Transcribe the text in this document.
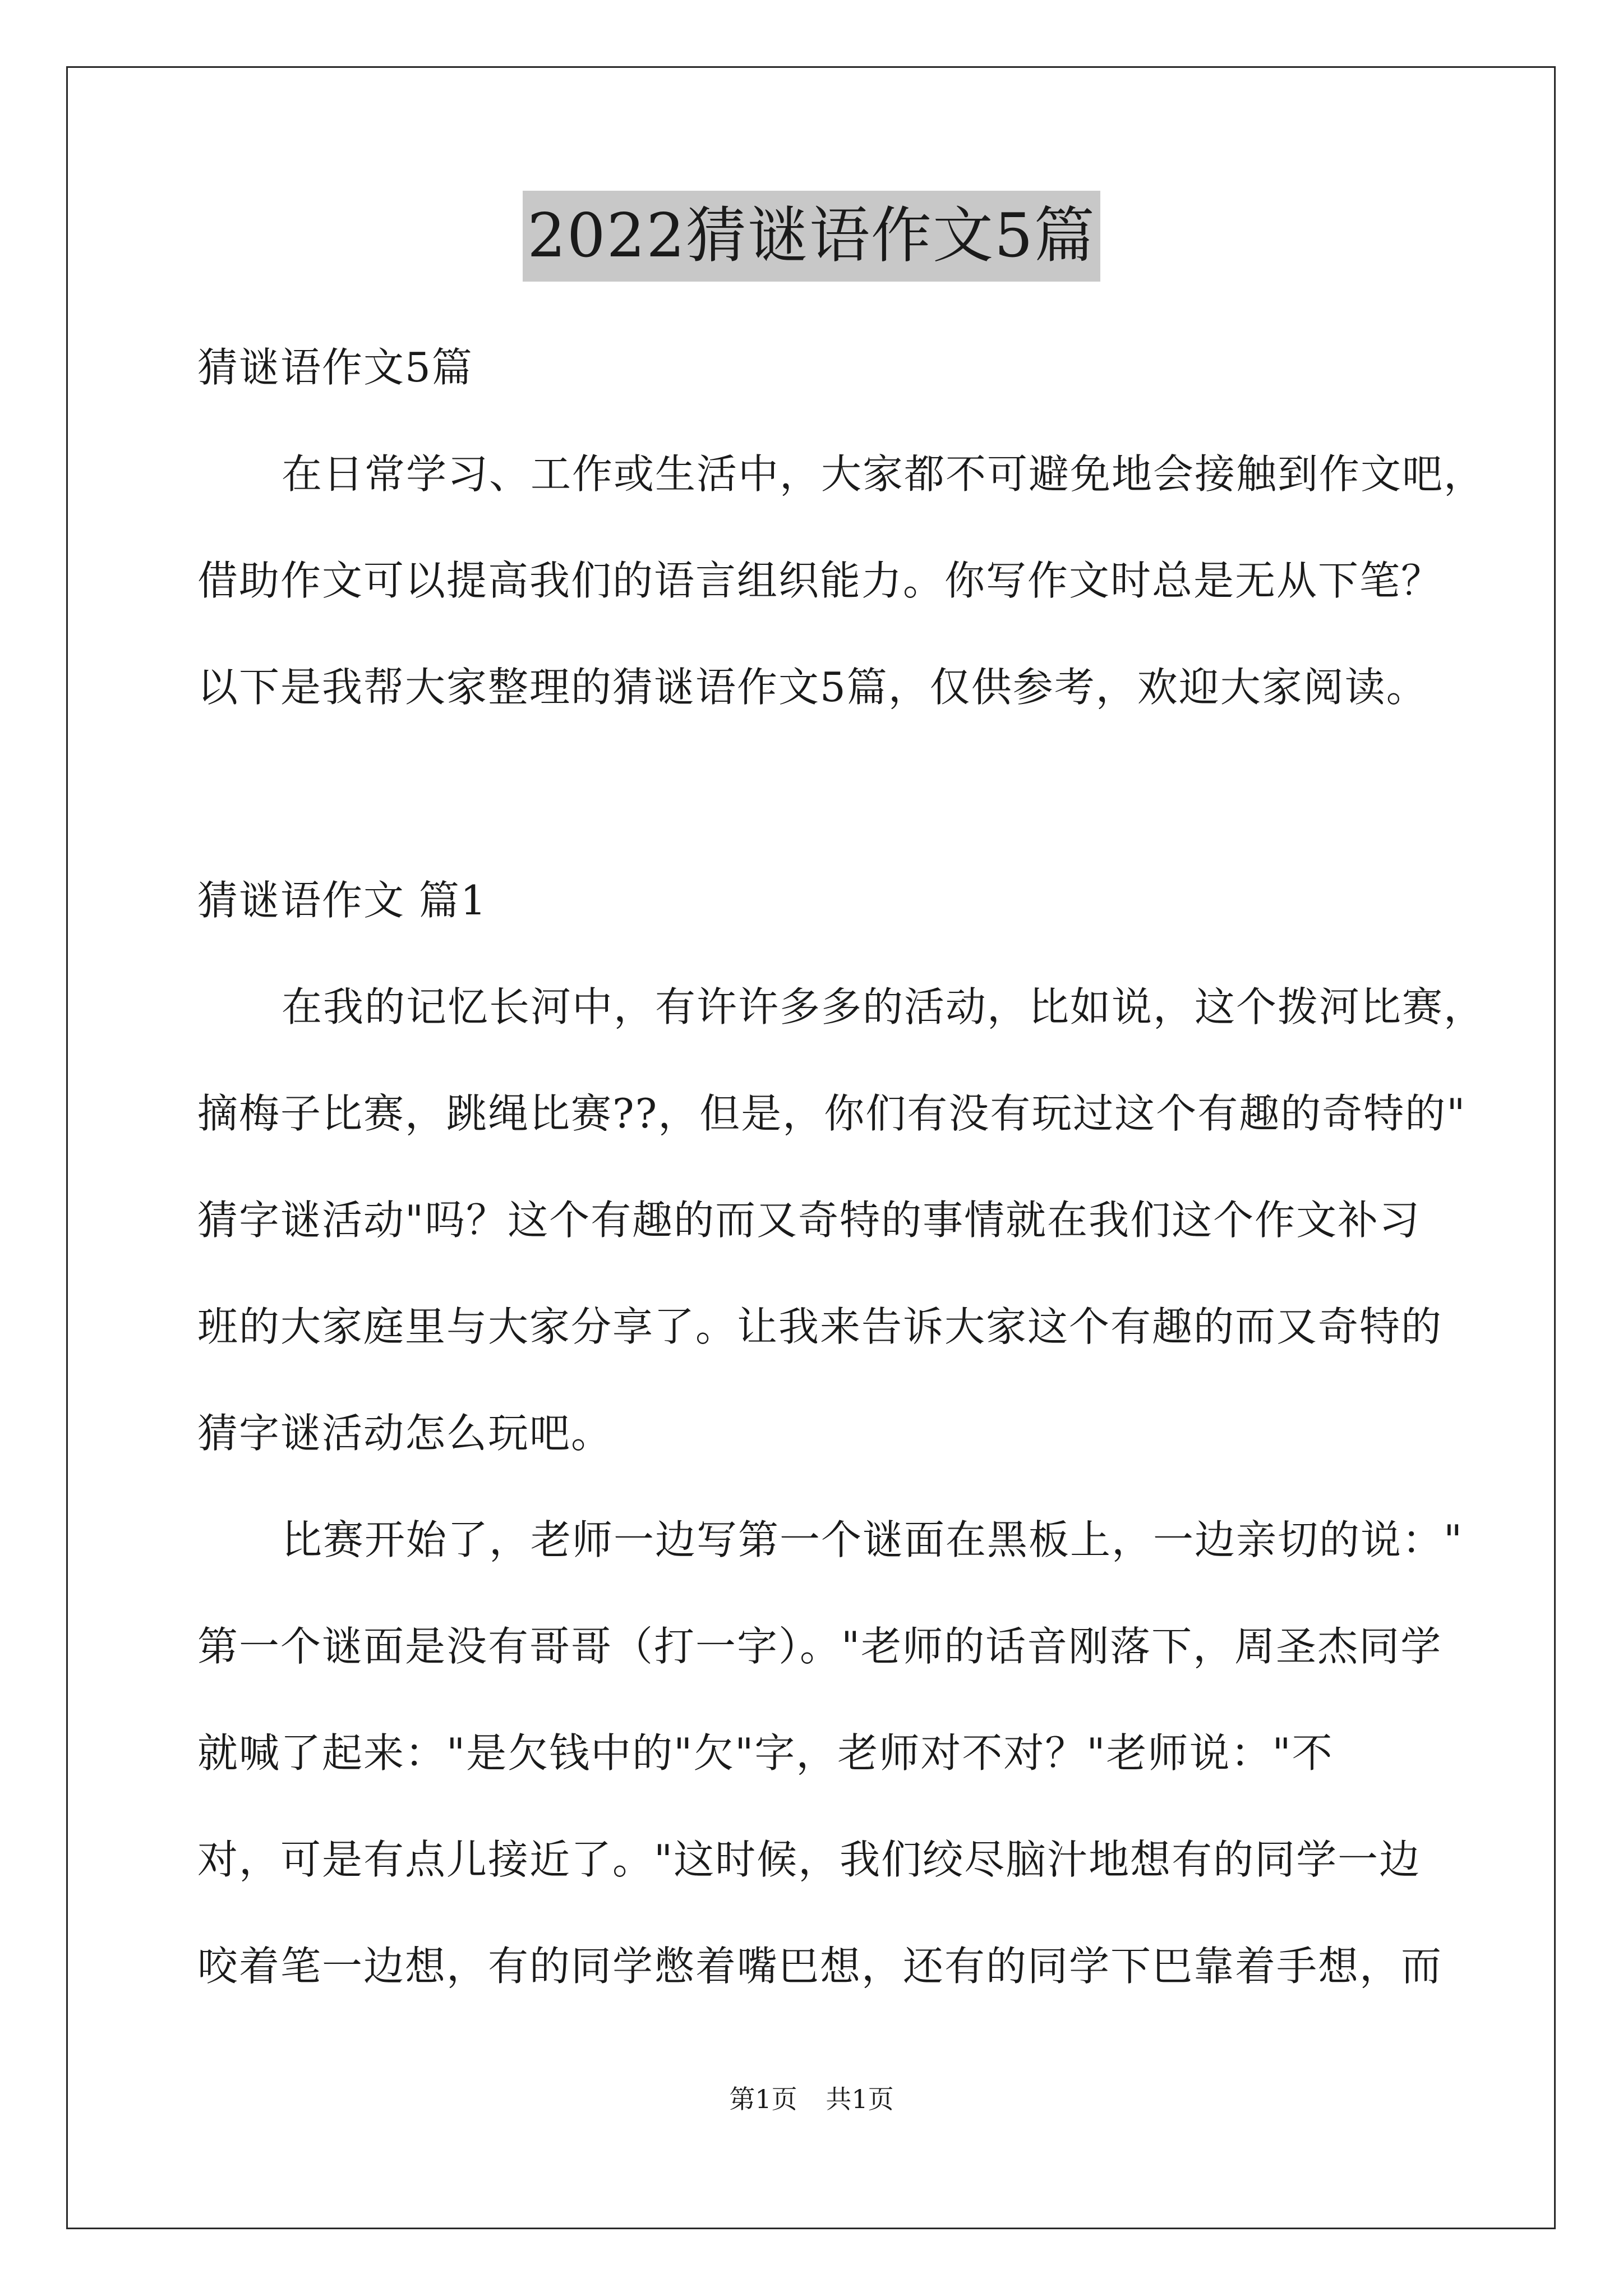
2022猜谜语作文5篇
猜谜语作文5篇
在日常学习、工作或生活中，大家都不可避免地会接触到作文吧，
借助作文可以提高我们的语言组织能力。你写作文时总是无从下笔？
以下是我帮大家整理的猜谜语作文5篇，仅供参考，欢迎大家阅读。
猜谜语作文 篇1
在我的记忆长河中，有许许多多的活动，比如说，这个拨河比赛，
摘梅子比赛，跳绳比赛??，但是，你们有没有玩过这个有趣的奇特的"
猜字谜活动"吗？这个有趣的而又奇特的事情就在我们这个作文补习
班的大家庭里与大家分享了。让我来告诉大家这个有趣的而又奇特的
猜字谜活动怎么玩吧。
比赛开始了，老师一边写第一个谜面在黑板上，一边亲切的说："
第一个谜面是没有哥哥（打一字）。"老师的话音刚落下，周圣杰同学
就喊了起来："是欠钱中的"欠"字，老师对不对？"老师说："不
对，可是有点儿接近了。"这时候，我们绞尽脑汁地想有的同学一边
咬着笔一边想，有的同学憋着嘴巴想，还有的同学下巴靠着手想，而
第1页 共1页
